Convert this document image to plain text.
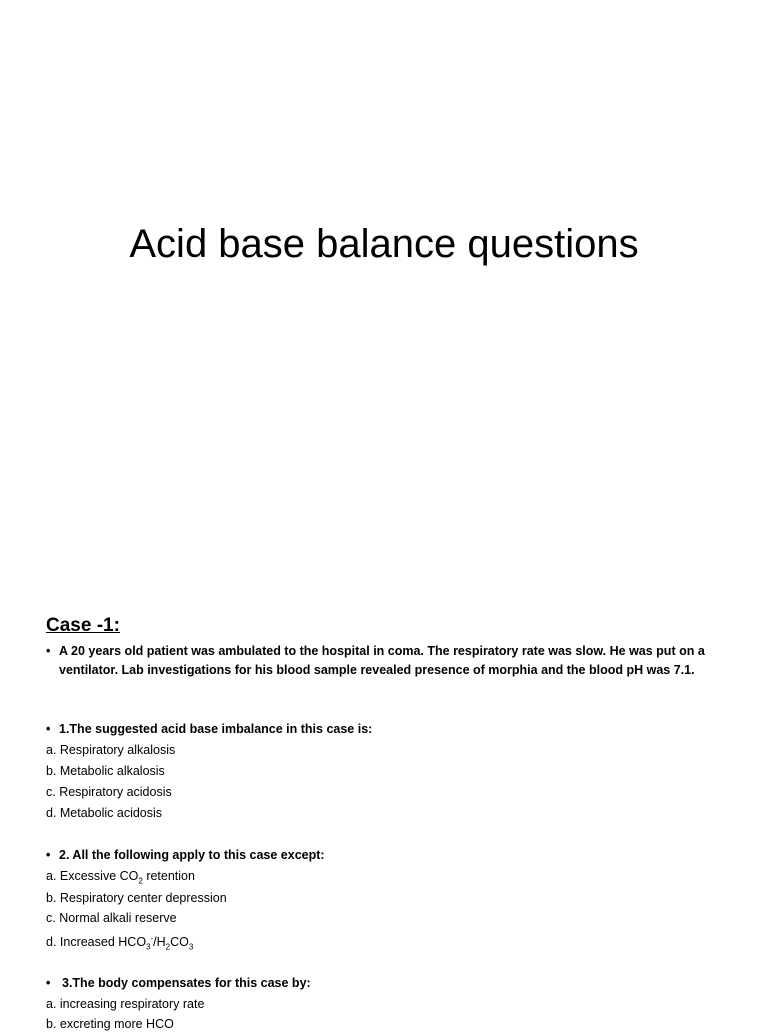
Acid base balance questions
Case -1:
• A 20 years old patient was ambulated to the hospital in coma. The respiratory rate was slow. He was put on a ventilator. Lab investigations for his blood sample revealed presence of morphia and the blood pH was 7.1.
• 1.The suggested acid base imbalance in this case is:
a. Respiratory alkalosis
b. Metabolic alkalosis
c. Respiratory acidosis
d. Metabolic acidosis
• 2. All the following apply to this case except:
a. Excessive $CO_2$ retention
b. Respiratory center depression
c. Normal alkali reserve
d. Increased $HCO_3^-/H_2CO_3$
• 3.The body compensates for this case by:
a. increasing respiratory rate
b. excreting more HCO
